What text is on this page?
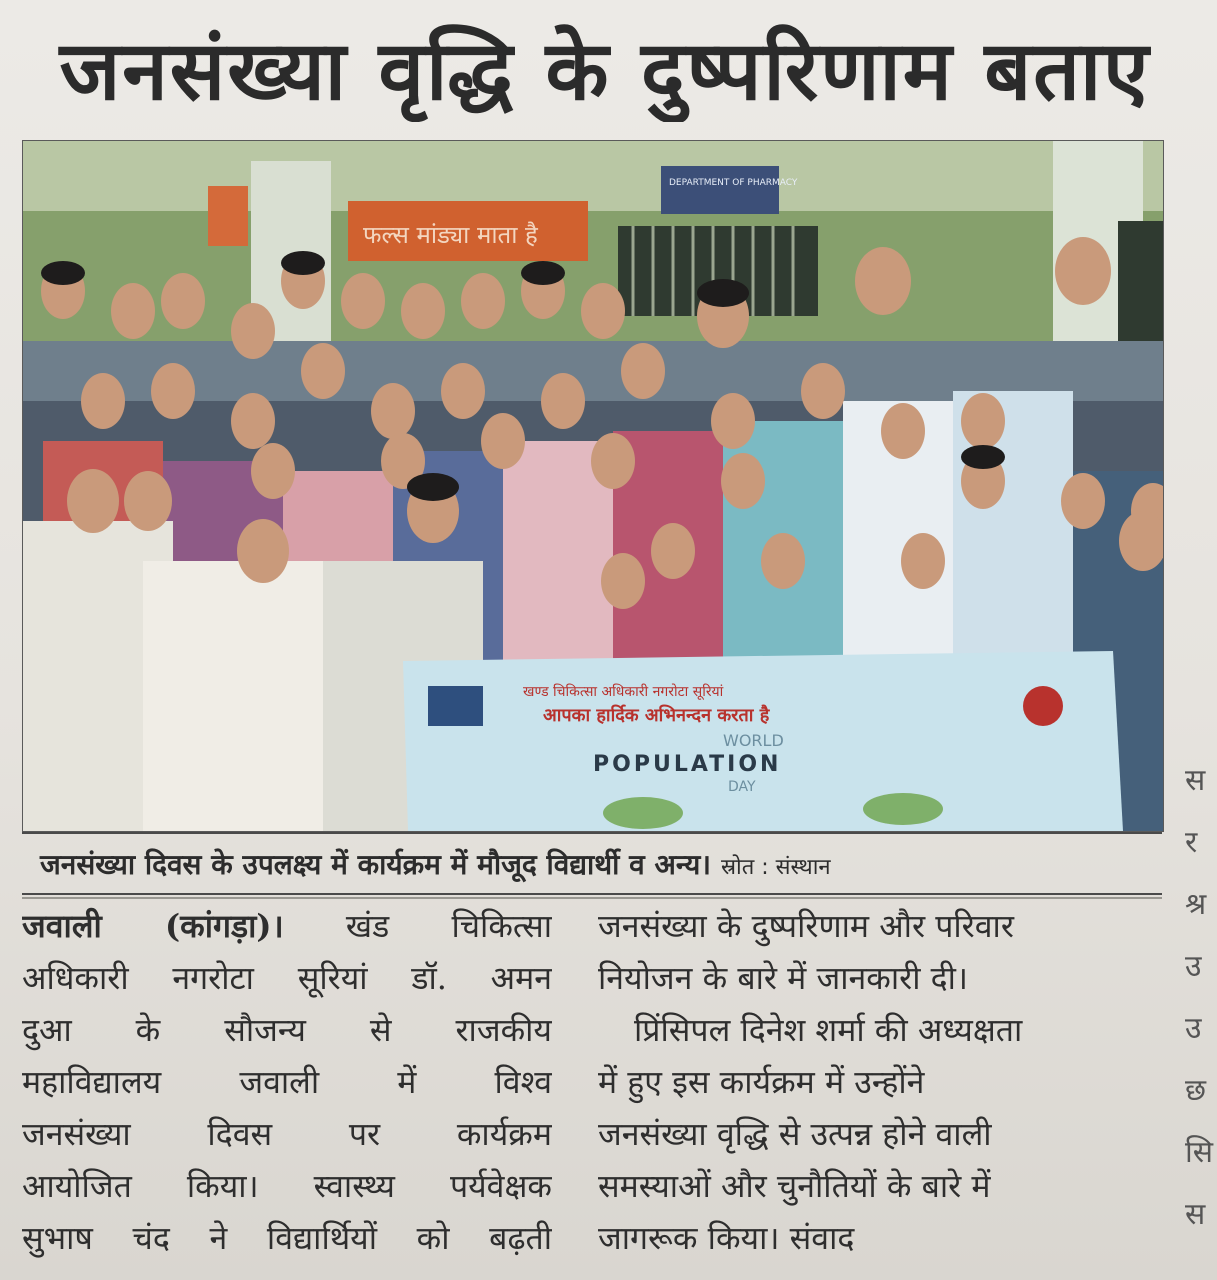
जनसंख्या वृद्धि के दुष्परिणाम बताए
फल्स मांड्या माता है
DEPARTMENT OF PHARMACY
खण्ड चिकित्सा अधिकारी नगरोटा सूरियां
आपका हार्दिक अभिनन्दन करता है
WORLD
POPULATION
DAY
जनसंख्या दिवस के उपलक्ष्य में कार्यक्रम में मौजूद विद्यार्थी व अन्य। स्रोत : संस्थान
जवाली (कांगड़ा)। खंड चिकित्सा
अधिकारी नगरोटा सूरियां डॉ. अमन
दुआ के सौजन्य से राजकीय
महाविद्यालय जवाली में विश्व
जनसंख्या दिवस पर कार्यक्रम
आयोजित किया। स्वास्थ्य पर्यवेक्षक
सुभाष चंद ने विद्यार्थियों को बढ़ती
जनसंख्या के दुष्परिणाम और परिवार
नियोजन के बारे में जानकारी दी।
प्रिंसिपल दिनेश शर्मा की अध्यक्षता
में हुए इस कार्यक्रम में उन्होंने
जनसंख्या वृद्धि से उत्पन्न होने वाली
समस्याओं और चुनौतियों के बारे में
जागरूक किया। संवाद
स
र
श्र
उ
उ
छ
सि
स
